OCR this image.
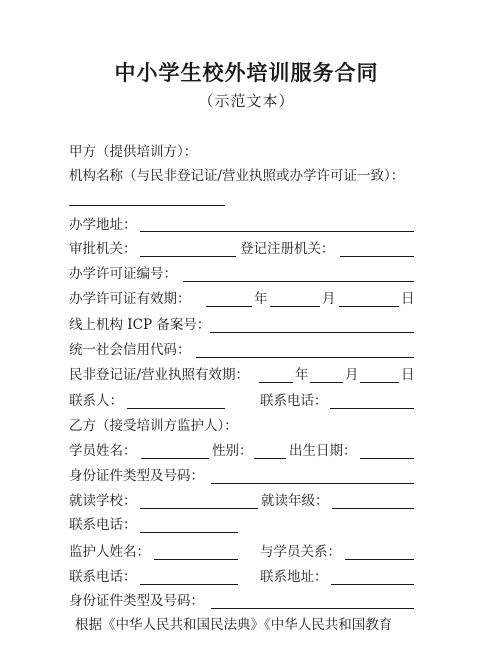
中小学生校外培训服务合同
（示范文本）
甲方（提供培训方）：
机构名称（与民非登记证/营业执照或办学许可证一致）：
办学地址：
审批机关：	登记注册机关：
办学许可证编号：
办学许可证有效期：	年	月	日
线上机构 ICP 备案号：
统一社会信用代码：
民非登记证/营业执照有效期：	年	月	日
联系人：	联系电话：
乙方（接受培训方监护人）：
学员姓名：	性别：	出生日期：
身份证件类型及号码：
就读学校：	就读年级：
联系电话：
监护人姓名：	与学员关系：
联系电话：	联系地址：
身份证件类型及号码：
根据《中华人民共和国民法典》《中华人民共和国教育
